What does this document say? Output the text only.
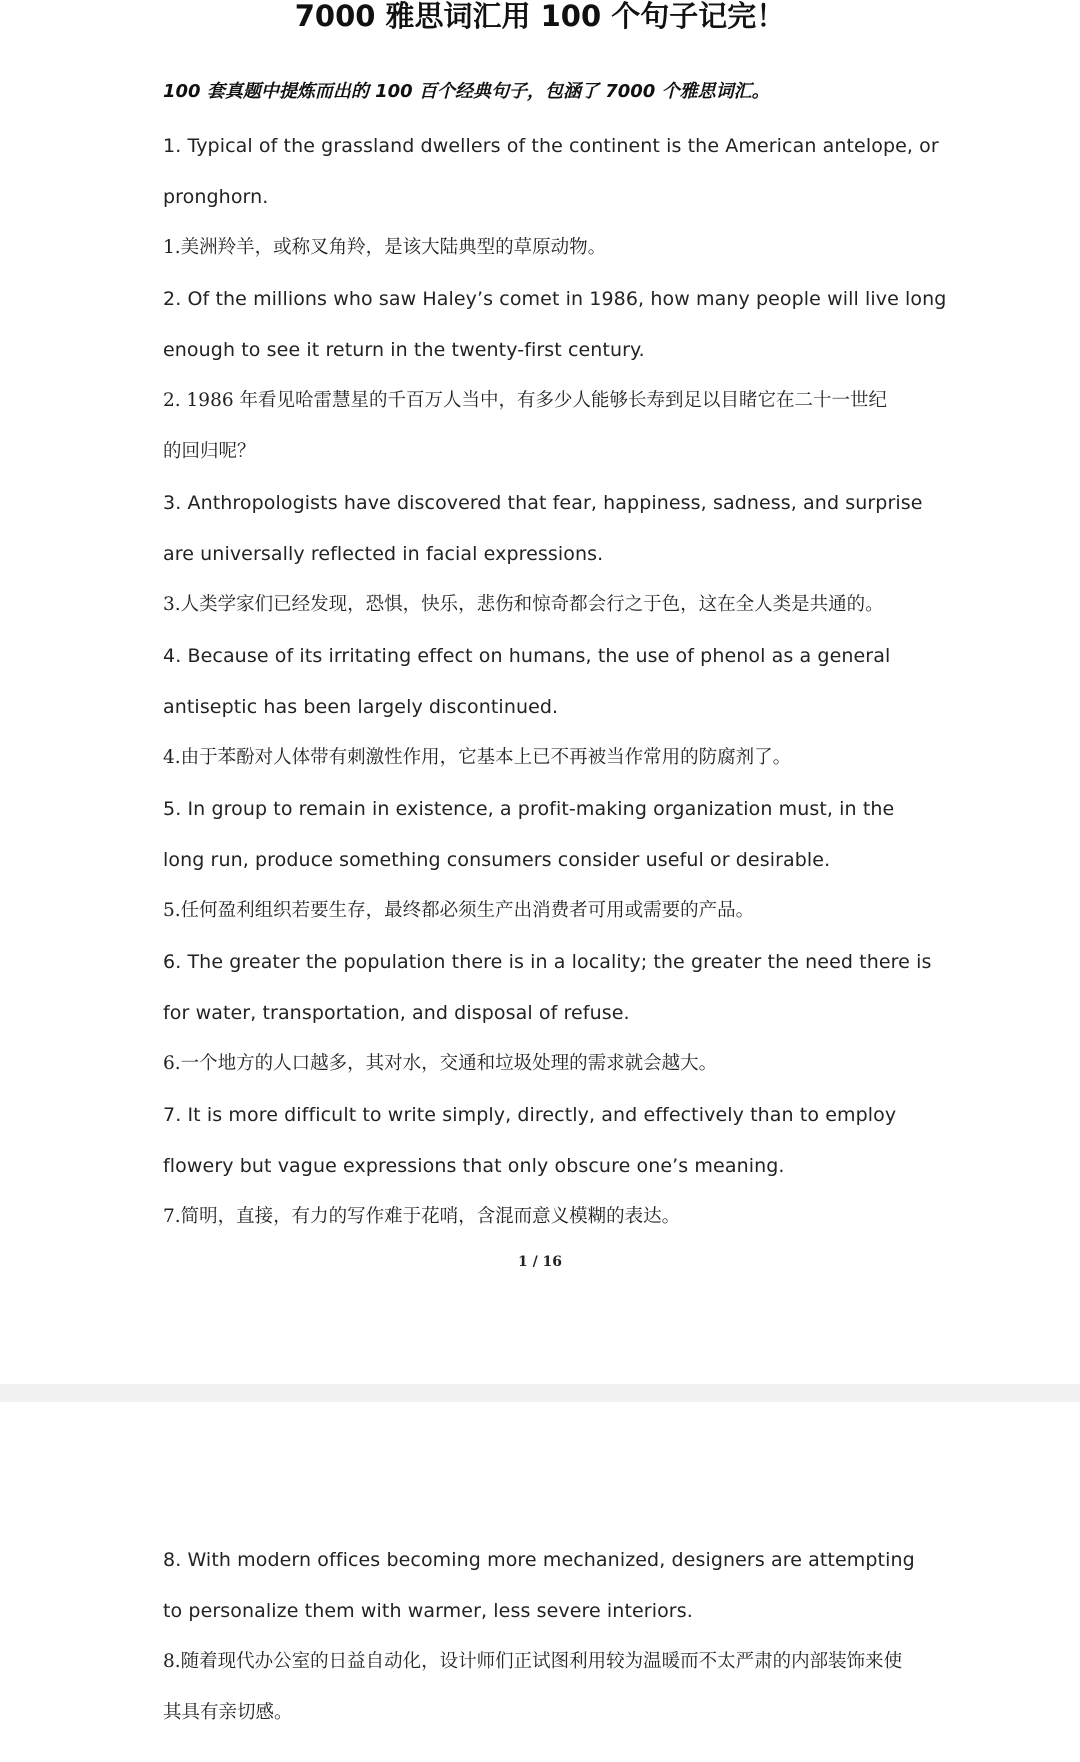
7000 雅思词汇用 100 个句子记完！
100 套真题中提炼而出的 100 百个经典句子，包涵了 7000 个雅思词汇。
1. Typical of the grassland dwellers of the continent is the American antelope, or
pronghorn.
1.美洲羚羊，或称叉角羚，是该大陆典型的草原动物。
2. Of the millions who saw Haley’s comet in 1986, how many people will live long
enough to see it return in the twenty-first century.
2. 1986 年看见哈雷慧星的千百万人当中，有多少人能够长寿到足以目睹它在二十一世纪
的回归呢？
3. Anthropologists have discovered that fear, happiness, sadness, and surprise
are universally reflected in facial expressions.
3.人类学家们已经发现，恐惧，快乐，悲伤和惊奇都会行之于色，这在全人类是共通的。
4. Because of its irritating effect on humans, the use of phenol as a general
antiseptic has been largely discontinued.
4.由于苯酚对人体带有刺激性作用，它基本上已不再被当作常用的防腐剂了。
5. In group to remain in existence, a profit-making organization must, in the
long run, produce something consumers consider useful or desirable.
5.任何盈利组织若要生存，最终都必须生产出消费者可用或需要的产品。
6. The greater the population there is in a locality; the greater the need there is
for water, transportation, and disposal of refuse.
6.一个地方的人口越多，其对水，交通和垃圾处理的需求就会越大。
7. It is more difficult to write simply, directly, and effectively than to employ
flowery but vague expressions that only obscure one’s meaning.
7.简明，直接，有力的写作难于花哨，含混而意义模糊的表达。
1 / 16
8. With modern offices becoming more mechanized, designers are attempting
to personalize them with warmer, less severe interiors.
8.随着现代办公室的日益自动化，设计师们正试图利用较为温暖而不太严肃的内部装饰来使
其具有亲切感。
